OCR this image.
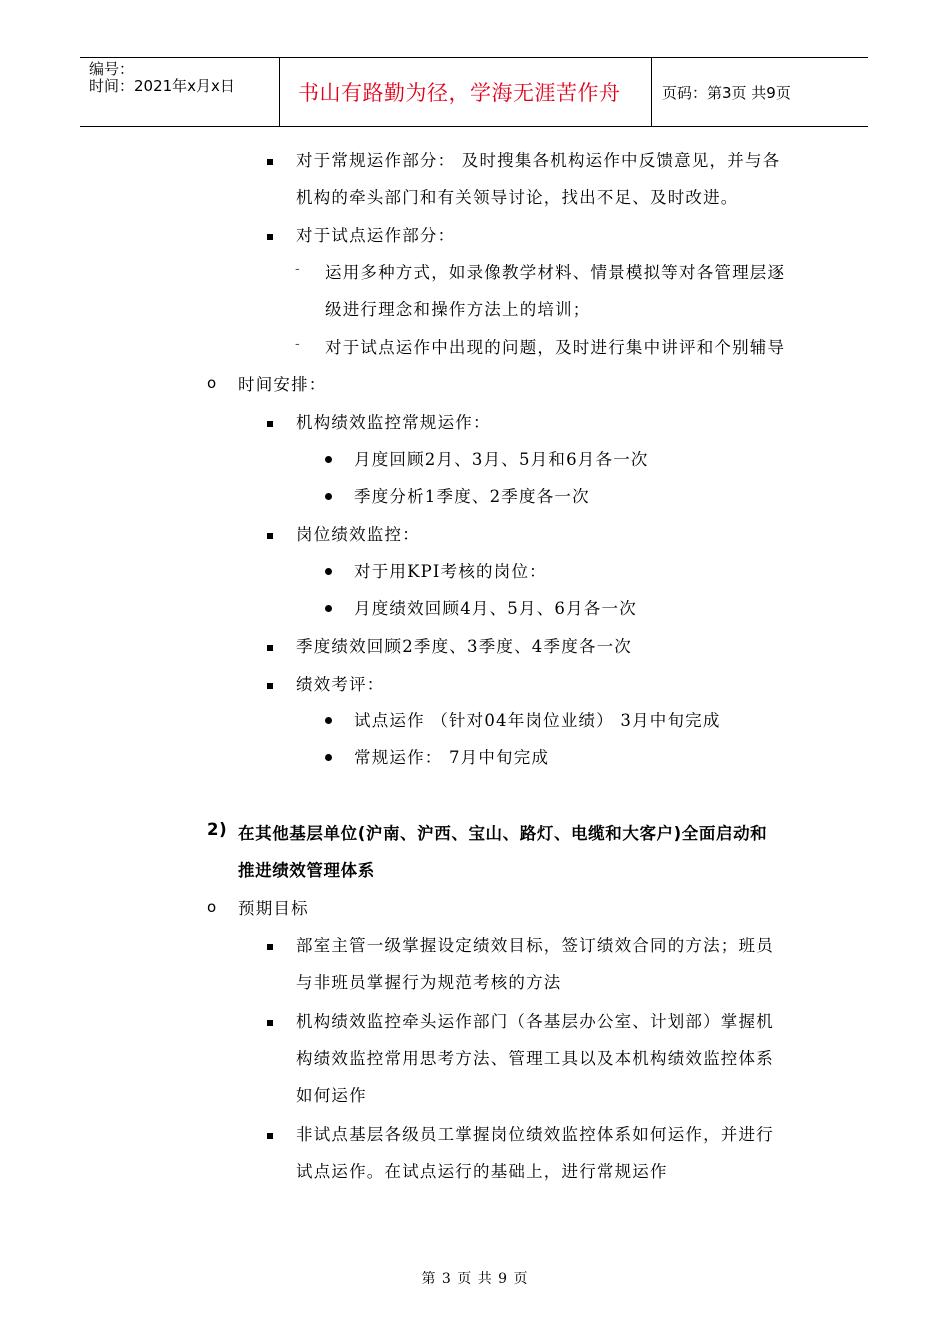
编号：
时间：2021年x月x日	书山有路勤为径，学海无涯苦作舟	页码：第3页 共9页
对于常规运作部分： 及时搜集各机构运作中反馈意见，并与各
机构的牵头部门和有关领导讨论，找出不足、及时改进。
对于试点运作部分：
- 运用多种方式，如录像教学材料、情景模拟等对各管理层逐
级进行理念和操作方法上的培训；
- 对于试点运作中出现的问题，及时进行集中讲评和个别辅导
o 时间安排：
机构绩效监控常规运作：
月度回顾2月、3月、5月和6月各一次
季度分析1季度、2季度各一次
岗位绩效监控：
对于用KPI考核的岗位：
月度绩效回顾4月、5月、6月各一次
季度绩效回顾2季度、3季度、4季度各一次
绩效考评：
试点运作 （针对04年岗位业绩） 3月中旬完成
常规运作： 7月中旬完成
2) 在其他基层单位(沪南、沪西、宝山、路灯、电缆和大客户)全面启动和
推进绩效管理体系
o 预期目标
部室主管一级掌握设定绩效目标，签订绩效合同的方法；班员
与非班员掌握行为规范考核的方法
机构绩效监控牵头运作部门（各基层办公室、计划部）掌握机
构绩效监控常用思考方法、管理工具以及本机构绩效监控体系
如何运作
非试点基层各级员工掌握岗位绩效监控体系如何运作，并进行
试点运作。在试点运行的基础上，进行常规运作
第 3 页 共 9 页
